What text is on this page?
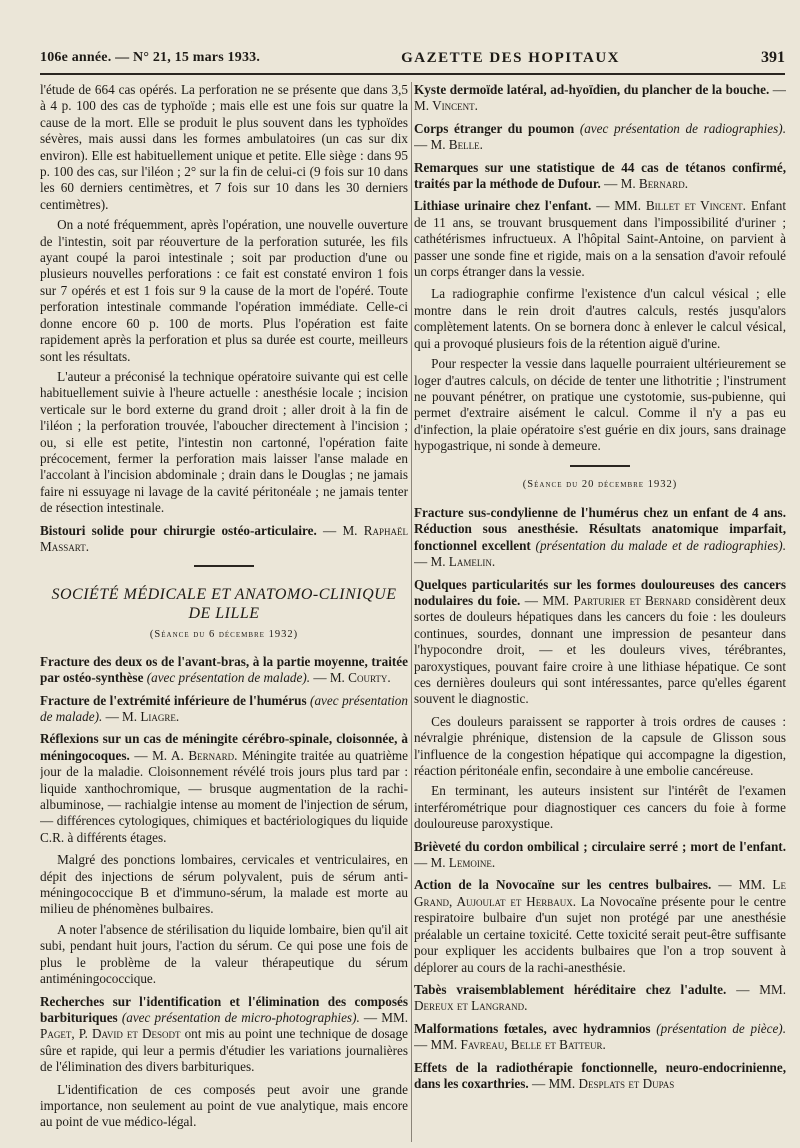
106e année. — N° 21, 15 mars 1933.	GAZETTE DES HOPITAUX	391

l'étude de 664 cas opérés. La perforation ne se présente que dans 3,5 à 4 p. 100 des cas de typhoïde ; mais elle est une fois sur quatre la cause de la mort. Elle se produit le plus souvent dans les typhoïdes sévères, mais aussi dans les formes ambulatoires (un cas sur dix environ). Elle est habituellement unique et petite. Elle siège : dans 95 p. 100 des cas, sur l'iléon ; 2° sur la fin de celui-ci (9 fois sur 10 dans les 60 derniers centimètres, et 7 fois sur 10 dans les 30 derniers centimètres).

On a noté fréquemment, après l'opération, une nouvelle ouverture de l'intestin, soit par réouverture de la perforation suturée, les fils ayant coupé la paroi intestinale ; soit par production d'une ou plusieurs nouvelles perforations : ce fait est constaté environ 1 fois sur 7 opérés et est 1 fois sur 9 la cause de la mort de l'opéré. Toute perforation intestinale commande l'opération immédiate. Celle-ci donne encore 60 p. 100 de morts. Plus l'opération est faite rapidement après la perforation et plus sa durée est courte, meilleurs sont les résultats.

L'auteur a préconisé la technique opératoire suivante qui est celle habituellement suivie à l'heure actuelle : anesthésie locale ; incision verticale sur le bord externe du grand droit ; aller droit à la fin de l'iléon ; la perforation trouvée, l'aboucher directement à l'incision ; ou, si elle est petite, l'intestin non cartonné, l'opération faite précocement, fermer la perforation mais laisser l'anse malade en l'accolant à l'incision abdominale ; drain dans le Douglas ; ne jamais faire ni essuyage ni lavage de la cavité péritonéale ; ne jamais tenter de résection intestinale.

Bistouri solide pour chirurgie ostéo-articulaire. — M. Raphaël Massart.
SOCIÉTÉ MÉDICALE ET ANATOMO-CLINIQUE DE LILLE
(Séance du 6 décembre 1932)
Fracture des deux os de l'avant-bras, à la partie moyenne, traitée par ostéo-synthèse (avec présentation de malade). — M. Courty.
Fracture de l'extrémité inférieure de l'humérus (avec présentation de malade). — M. Liagre.
Réflexions sur un cas de méningite cérébro-spinale, cloisonnée, à méningocoques. — M. A. Bernard. Méningite traitée au quatrième jour de la maladie. Cloisonnement révélé trois jours plus tard par : liquide xanthochromique, — brusque augmentation de la rachi-albuminose, — rachialgie intense au moment de l'injection de sérum, — différences cytologiques, chimiques et bactériologiques du liquide C.R. à différents étages.

Malgré des ponctions lombaires, cervicales et ventriculaires, en dépit des injections de sérum polyvalent, puis de sérum anti-méningococcique B et d'immuno-sérum, la malade est morte au milieu de phénomènes bulbaires.

A noter l'absence de stérilisation du liquide lombaire, bien qu'il ait subi, pendant huit jours, l'action du sérum. Ce qui pose une fois de plus le problème de la valeur thérapeutique du sérum antiméningococcique.

Recherches sur l'identification et l'élimination des composés barbituriques (avec présentation de micro-photographies). — MM. Paget, P. David et Desodt ont mis au point une technique de dosage sûre et rapide, qui leur a permis d'étudier les variations journalières de l'élimination des divers barbituriques.

L'identification de ces composés peut avoir une grande importance, non seulement au point de vue analytique, mais encore au point de vue médico-légal.

Kyste dermoïde latéral, ad-hyoïdien, du plancher de la bouche. — M. Vincent.
Corps étranger du poumon (avec présentation de radiographies). — M. Belle.
Remarques sur une statistique de 44 cas de tétanos confirmé, traités par la méthode de Dufour. — M. Bernard.
Lithiase urinaire chez l'enfant. — MM. Billet et Vincent. Enfant de 11 ans, se trouvant brusquement dans l'impossibilité d'uriner ; cathétérismes infructueux. A l'hôpital Saint-Antoine, on parvient à passer une sonde fine et rigide, mais on a la sensation d'avoir refoulé un corps étranger dans la vessie.

La radiographie confirme l'existence d'un calcul vésical ; elle montre dans le rein droit d'autres calculs, restés jusqu'alors complètement latents. On se bornera donc à enlever le calcul vésical, qui a provoqué plusieurs fois de la rétention aiguë d'urine.

Pour respecter la vessie dans laquelle pourraient ultérieurement se loger d'autres calculs, on décide de tenter une lithotritie ; l'instrument ne pouvant pénétrer, on pratique une cystotomie, sus-pubienne, qui permet d'extraire aisément le calcul. Comme il n'y a pas eu d'infection, la plaie opératoire s'est guérie en dix jours, sans drainage hypogastrique, ni sonde à demeure.

(Séance du 20 décembre 1932)
Fracture sus-condylienne de l'humérus chez un enfant de 4 ans. Réduction sous anesthésie. Résultats anatomique imparfait, fonctionnel excellent (présentation du malade et de radiographies). — M. Lamelin.
Quelques particularités sur les formes douloureuses des cancers nodulaires du foie. — MM. Parturier et Bernard considèrent deux sortes de douleurs hépatiques dans les cancers du foie : les douleurs continues, sourdes, donnant une impression de pesanteur dans l'hypocondre droit, — et les douleurs vives, térébrantes, paroxystiques, pouvant faire croire à une lithiase hépatique. Ce sont ces dernières douleurs qui sont intéressantes, parce qu'elles égarent souvent le diagnostic.

Ces douleurs paraissent se rapporter à trois ordres de causes : névralgie phrénique, distension de la capsule de Glisson sous l'influence de la congestion hépatique qui accompagne la digestion, réaction péritonéale enfin, secondaire à une embolie cancéreuse.

En terminant, les auteurs insistent sur l'intérêt de l'examen interférométrique pour diagnostiquer ces cancers du foie à forme douloureuse paroxystique.

Brièveté du cordon ombilical ; circulaire serré ; mort de l'enfant. — M. Lemoine.
Action de la Novocaïne sur les centres bulbaires. — MM. Le Grand, Aujoulat et Herbaux. La Novocaïne présente pour le centre respiratoire bulbaire d'un sujet non protégé par une anesthésie préalable un certaine toxicité. Cette toxicité serait peut-être suffisante pour expliquer les accidents bulbaires que l'on a trop souvent à déplorer au cours de la rachi-anesthésie.
Tabès vraisemblablement héréditaire chez l'adulte. — MM. Dereux et Langrand.
Malformations fœtales, avec hydramnios (présentation de pièce). — MM. Favreau, Belle et Batteur.
Effets de la radiothérapie fonctionnelle, neuro-endocrinienne, dans les coxarthries. — MM. Desplats et Dupas
